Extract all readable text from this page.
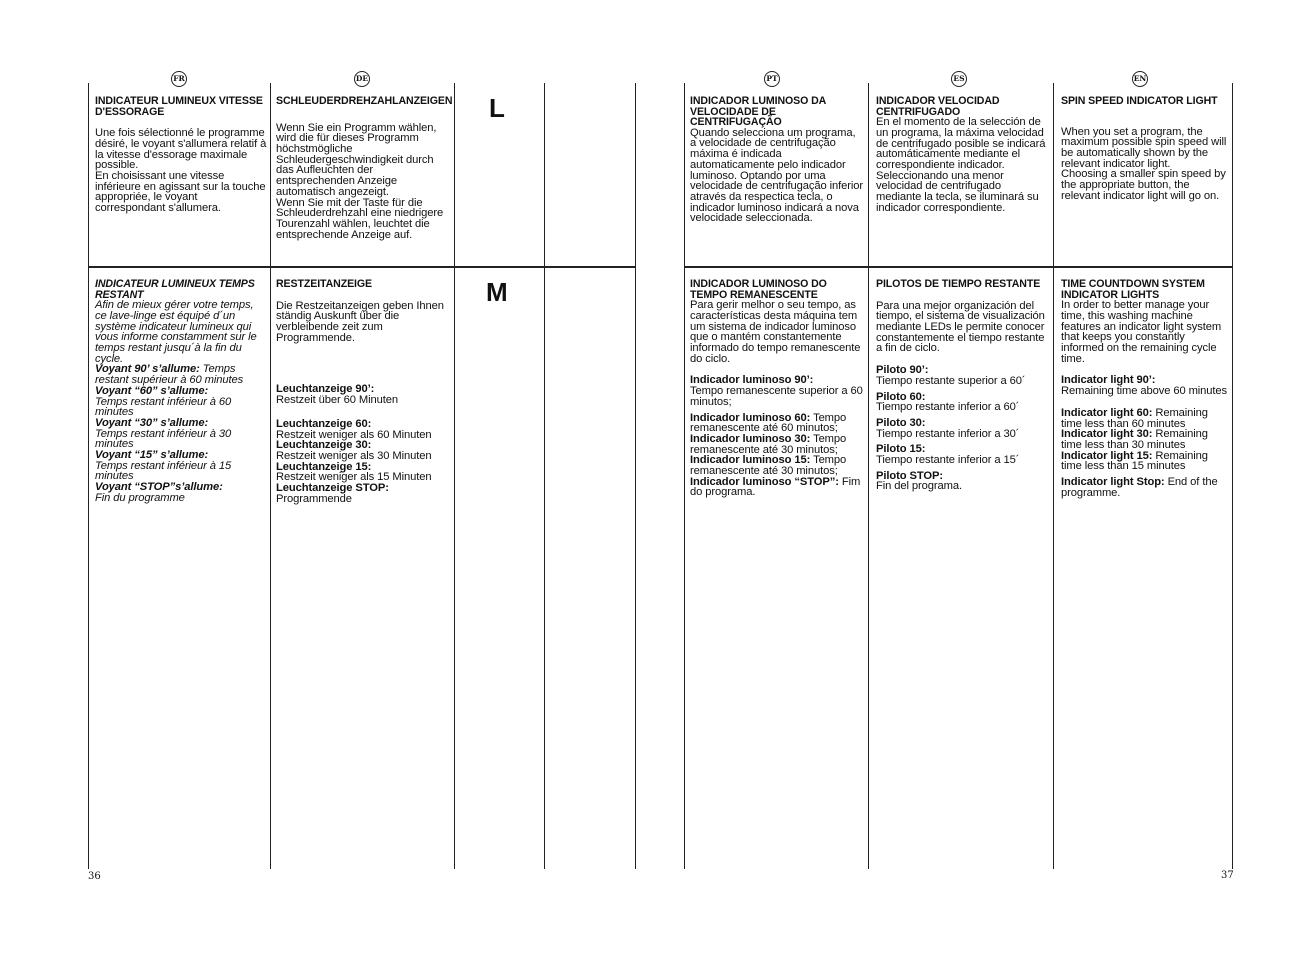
FR	DE	PT	ES	EN
L
M
36	37

INDICATEUR LUMINEUX VITESSE D'ESSORAGE

Une fois sélectionné le programme désiré, le voyant s'allumera relatif à la vitesse d'essorage maximale possible.

En choisissant une vitesse inférieure en agissant sur la touche appropriée, le voyant correspondant s'allumera.

SCHLEUDERDREHZAHLANZEIGEN

Wenn Sie ein Programm wählen, wird die für dieses Programm höchstmögliche Schleudergeschwindigkeit durch das Aufleuchten der entsprechenden Anzeige automatisch angezeigt.

Wenn Sie mit der Taste für die Schleuderdrehzahl eine niedrigere Tourenzahl wählen, leuchtet die entsprechende Anzeige auf.

INDICADOR LUMINOSO DA VELOCIDADE DE CENTRIFUGAÇÃO

Quando selecciona um programa, a velocidade de centrifugação máxima é indicada automaticamente pelo indicador luminoso. Optando por uma velocidade de centrifugação inferior através da respectica tecla, o indicador luminoso indicará a nova velocidade seleccionada.

INDICADOR VELOCIDAD CENTRIFUGADO

En el momento de la selección de un programa, la máxima velocidad de centrifugado posible se indicará automáticamente mediante el correspondiente indicador.

Seleccionando una menor velocidad de centrifugado mediante la tecla, se iluminará su indicador correspondiente.

SPIN SPEED INDICATOR LIGHT

When you set a program, the maximum possible spin speed will be automatically shown by the relevant indicator light.

Choosing a smaller spin speed by the appropriate button, the relevant indicator light will go on.

INDICATEUR LUMINEUX TEMPS RESTANT

Afin de mieux gérer votre temps, ce lave-linge est équipé d´un système indicateur lumineux qui vous informe constamment sur le temps restant jusqu´à la fin du cycle.

Voyant 90’ s’allume: Temps restant supérieur à 60 minutes

Voyant “60” s’allume:
Temps restant inférieur à 60 minutes

Voyant “30” s’allume:
Temps restant inférieur à 30 minutes

Voyant “15” s’allume:
Temps restant inférieur à 15 minutes

Voyant “STOP”s’allume:
Fin du programme

RESTZEITANZEIGE

Die Restzeitanzeigen geben Ihnen ständig Auskunft über die verbleibende zeit zum Programmende.

Leuchtanzeige 90’:
Restzeit über 60 Minuten

Leuchtanzeige 60:
Restzeit weniger als 60 Minuten

Leuchtanzeige 30:
Restzeit weniger als 30 Minuten

Leuchtanzeige 15:
Restzeit weniger als 15 Minuten

Leuchtanzeige STOP:
Programmende

INDICADOR LUMINOSO DO TEMPO REMANESCENTE

Para gerir melhor o seu tempo, as características desta máquina tem um sistema de indicador luminoso que o mantém constantemente informado do tempo remanescente do ciclo.

Indicador luminoso 90’:
Tempo remanescente superior a 60 minutos;

Indicador luminoso 60: Tempo remanescente até 60 minutos;

Indicador luminoso 30: Tempo remanescente até 30 minutos;

Indicador luminoso 15: Tempo remanescente até 30 minutos;

Indicador luminoso “STOP”: Fim do programa.

PILOTOS DE TIEMPO RESTANTE

Para una mejor organización del tiempo, el sistema de visualización mediante LEDs le permite conocer constantemente el tiempo restante a fin de ciclo.

Piloto 90’:
Tiempo restante superior a 60´

Piloto 60:
Tiempo restante inferior a 60´

Piloto 30:
Tiempo restante inferior a 30´

Piloto 15:
Tiempo restante inferior a 15´

Piloto STOP:
Fin del programa.

TIME COUNTDOWN SYSTEM INDICATOR LIGHTS

In order to better manage your time, this washing machine features an indicator light system that keeps you constantly informed on the remaining cycle time.

Indicator light 90’:
Remaining time above 60 minutes

Indicator light 60: Remaining time less than 60 minutes

Indicator light 30: Remaining time less than 30 minutes

Indicator light 15: Remaining time less than 15 minutes

Indicator light Stop: End of the programme.
